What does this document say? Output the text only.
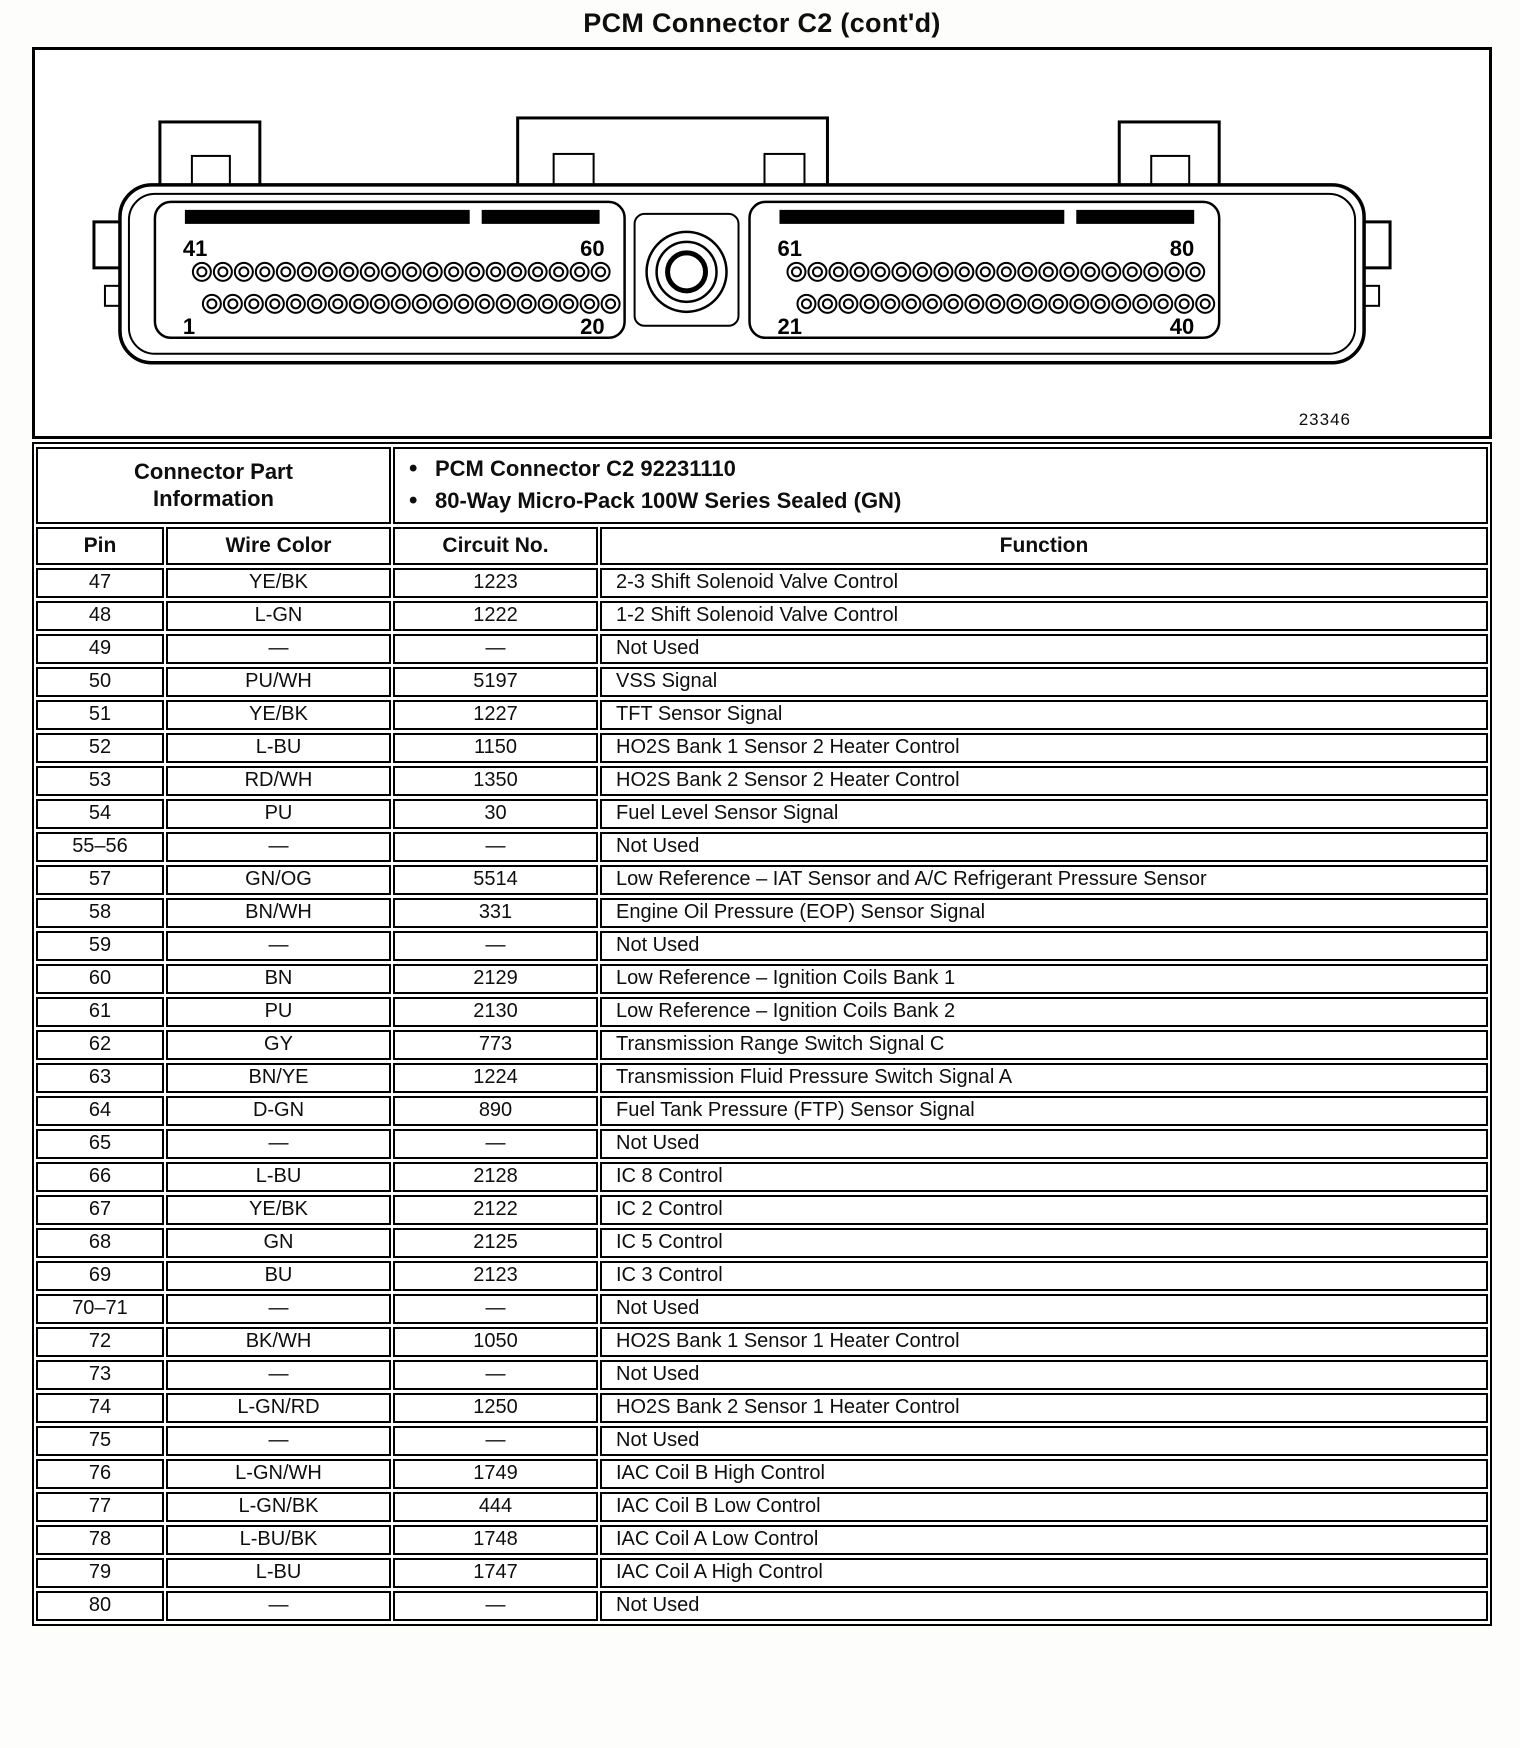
PCM Connector C2 (cont'd)
41	60
1	20
61	80
21	40
23346
Connector Part
Information

• PCM Connector C2 92231110
• 80-Way Micro-Pack 100W Series Sealed (GN)

Pin	Wire Color	Circuit No.	Function
47	YE/BK	1223	2-3 Shift Solenoid Valve Control
48	L-GN	1222	1-2 Shift Solenoid Valve Control
49	—	—	Not Used
50	PU/WH	5197	VSS Signal
51	YE/BK	1227	TFT Sensor Signal
52	L-BU	1150	HO2S Bank 1 Sensor 2 Heater Control
53	RD/WH	1350	HO2S Bank 2 Sensor 2 Heater Control
54	PU	30	Fuel Level Sensor Signal
55–56	—	—	Not Used
57	GN/OG	5514	Low Reference – IAT Sensor and A/C Refrigerant Pressure Sensor
58	BN/WH	331	Engine Oil Pressure (EOP) Sensor Signal
59	—	—	Not Used
60	BN	2129	Low Reference – Ignition Coils Bank 1
61	PU	2130	Low Reference – Ignition Coils Bank 2
62	GY	773	Transmission Range Switch Signal C
63	BN/YE	1224	Transmission Fluid Pressure Switch Signal A
64	D-GN	890	Fuel Tank Pressure (FTP) Sensor Signal
65	—	—	Not Used
66	L-BU	2128	IC 8 Control
67	YE/BK	2122	IC 2 Control
68	GN	2125	IC 5 Control
69	BU	2123	IC 3 Control
70–71	—	—	Not Used
72	BK/WH	1050	HO2S Bank 1 Sensor 1 Heater Control
73	—	—	Not Used
74	L-GN/RD	1250	HO2S Bank 2 Sensor 1 Heater Control
75	—	—	Not Used
76	L-GN/WH	1749	IAC Coil B High Control
77	L-GN/BK	444	IAC Coil B Low Control
78	L-BU/BK	1748	IAC Coil A Low Control
79	L-BU	1747	IAC Coil A High Control
80	—	—	Not Used
